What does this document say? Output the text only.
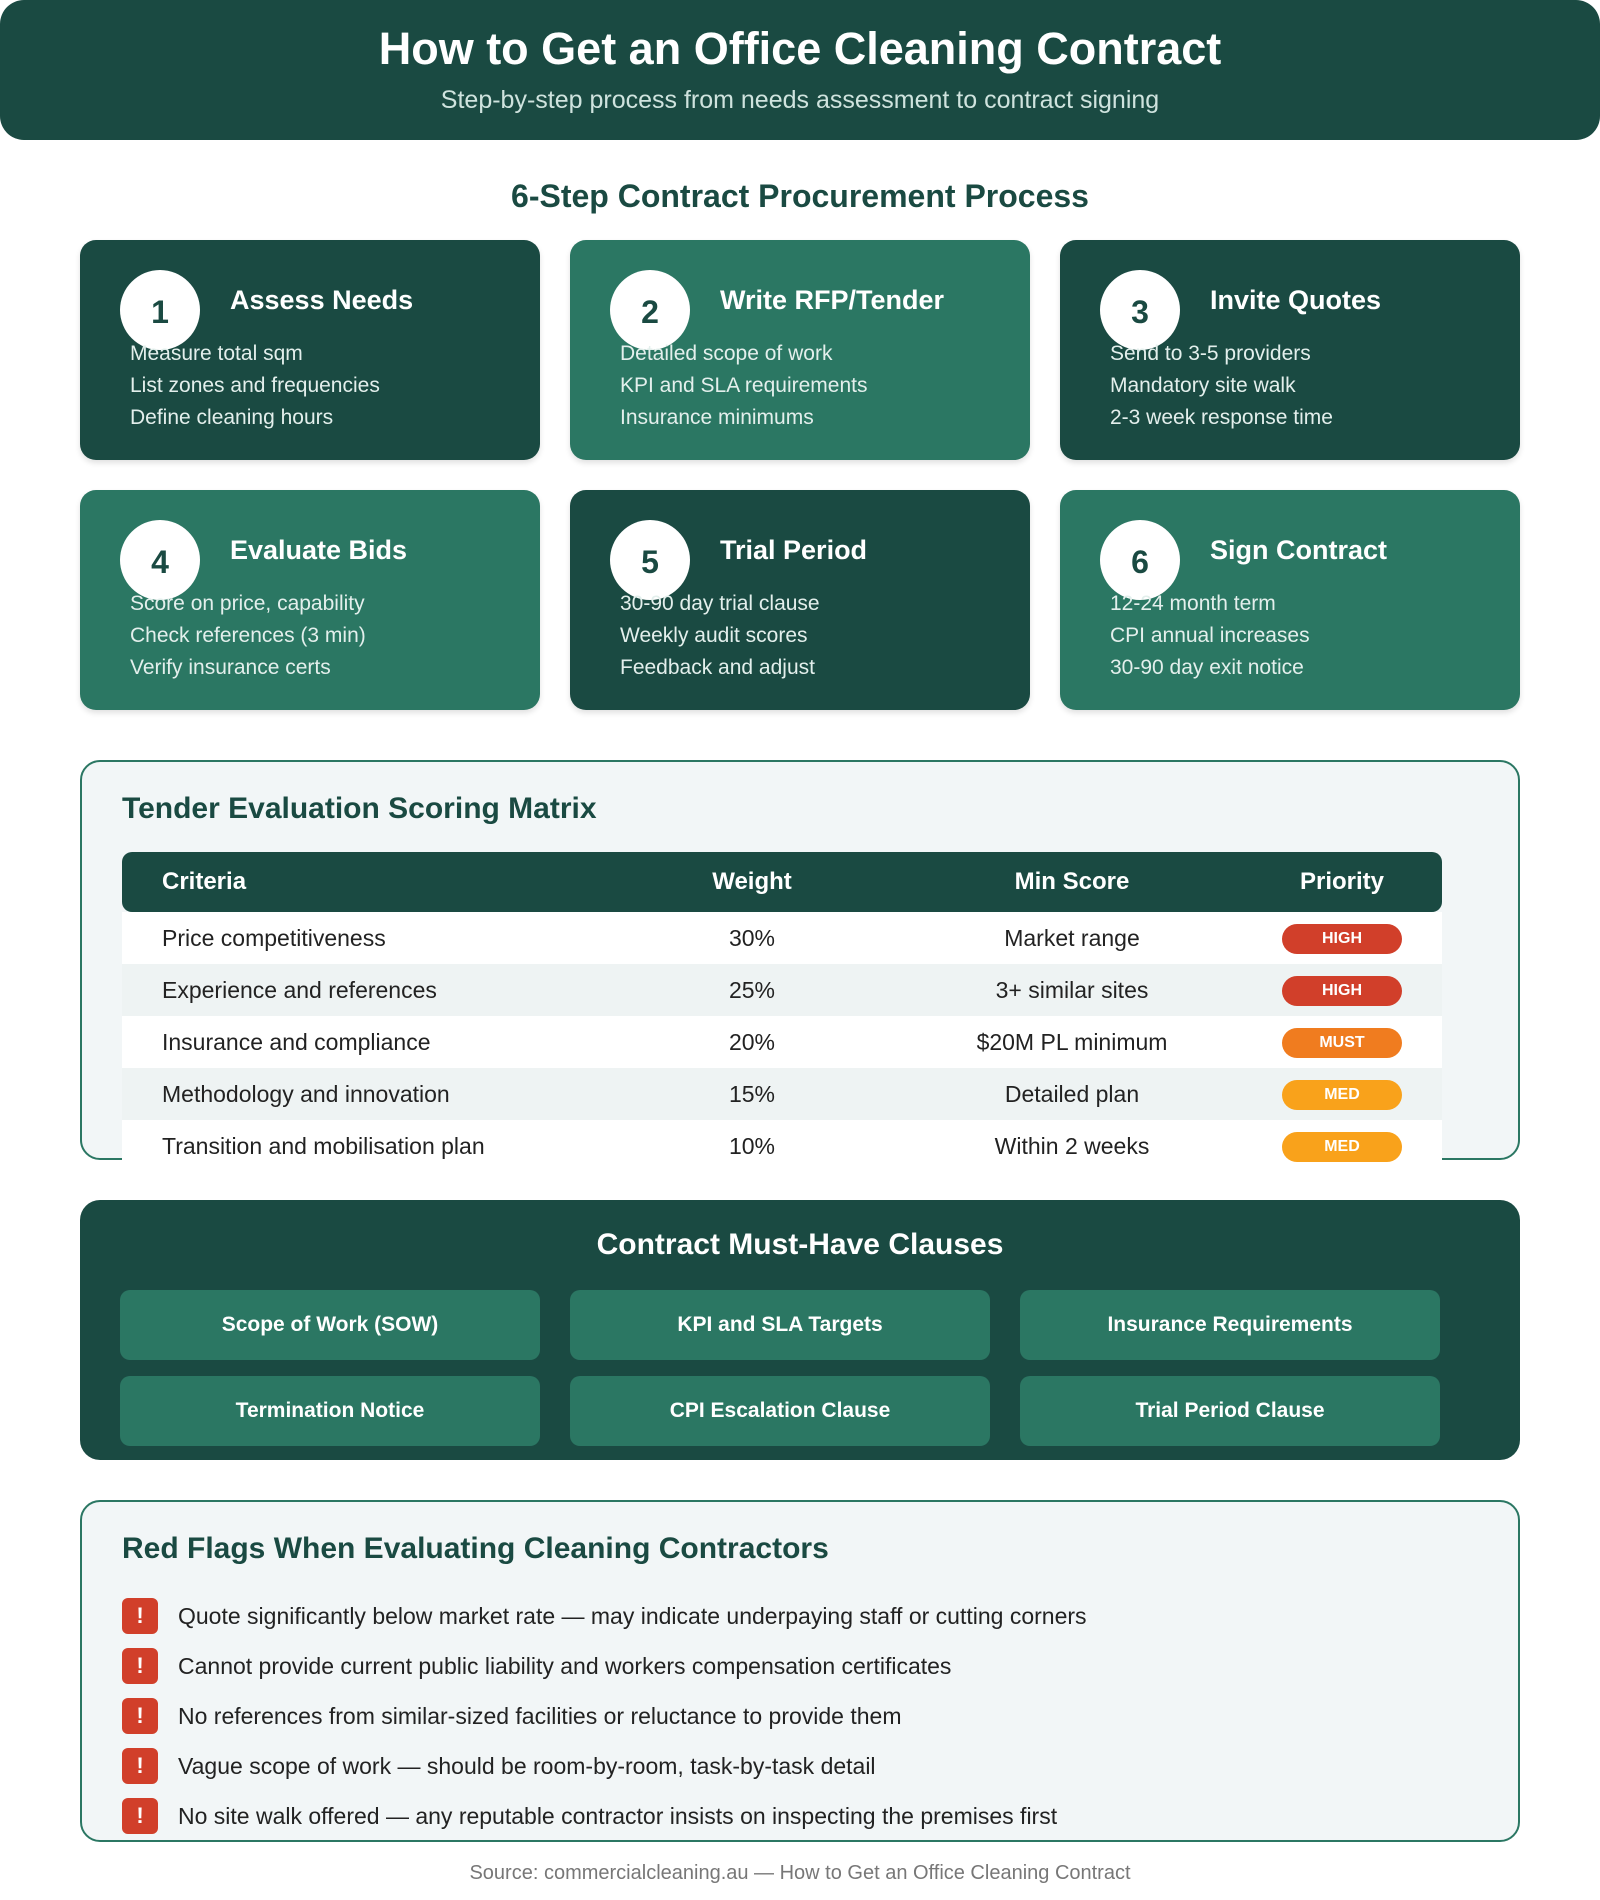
How to Get an Office Cleaning Contract
Step-by-step process from needs assessment to contract signing
6-Step Contract Procurement Process
1	Assess Needs
Measure total sqm
List zones and frequencies
Define cleaning hours
2	Write RFP/Tender
Detailed scope of work
KPI and SLA requirements
Insurance minimums
3	Invite Quotes
Send to 3-5 providers
Mandatory site walk
2-3 week response time
4	Evaluate Bids
Score on price, capability
Check references (3 min)
Verify insurance certs
5	Trial Period
30-90 day trial clause
Weekly audit scores
Feedback and adjust
6	Sign Contract
12-24 month term
CPI annual increases
30-90 day exit notice
Tender Evaluation Scoring Matrix
Criteria	Weight	Min Score	Priority
Price competitiveness	30%	Market range	HIGH
Experience and references	25%	3+ similar sites	HIGH
Insurance and compliance	20%	$20M PL minimum	MUST
Methodology and innovation	15%	Detailed plan	MED
Transition and mobilisation plan	10%	Within 2 weeks	MED
Contract Must-Have Clauses
Scope of Work (SOW)	KPI and SLA Targets	Insurance Requirements
Termination Notice	CPI Escalation Clause	Trial Period Clause
Red Flags When Evaluating Cleaning Contractors
!	Quote significantly below market rate — may indicate underpaying staff or cutting corners
!	Cannot provide current public liability and workers compensation certificates
!	No references from similar-sized facilities or reluctance to provide them
!	Vague scope of work — should be room-by-room, task-by-task detail
!	No site walk offered — any reputable contractor insists on inspecting the premises first
Source: commercialcleaning.au — How to Get an Office Cleaning Contract
